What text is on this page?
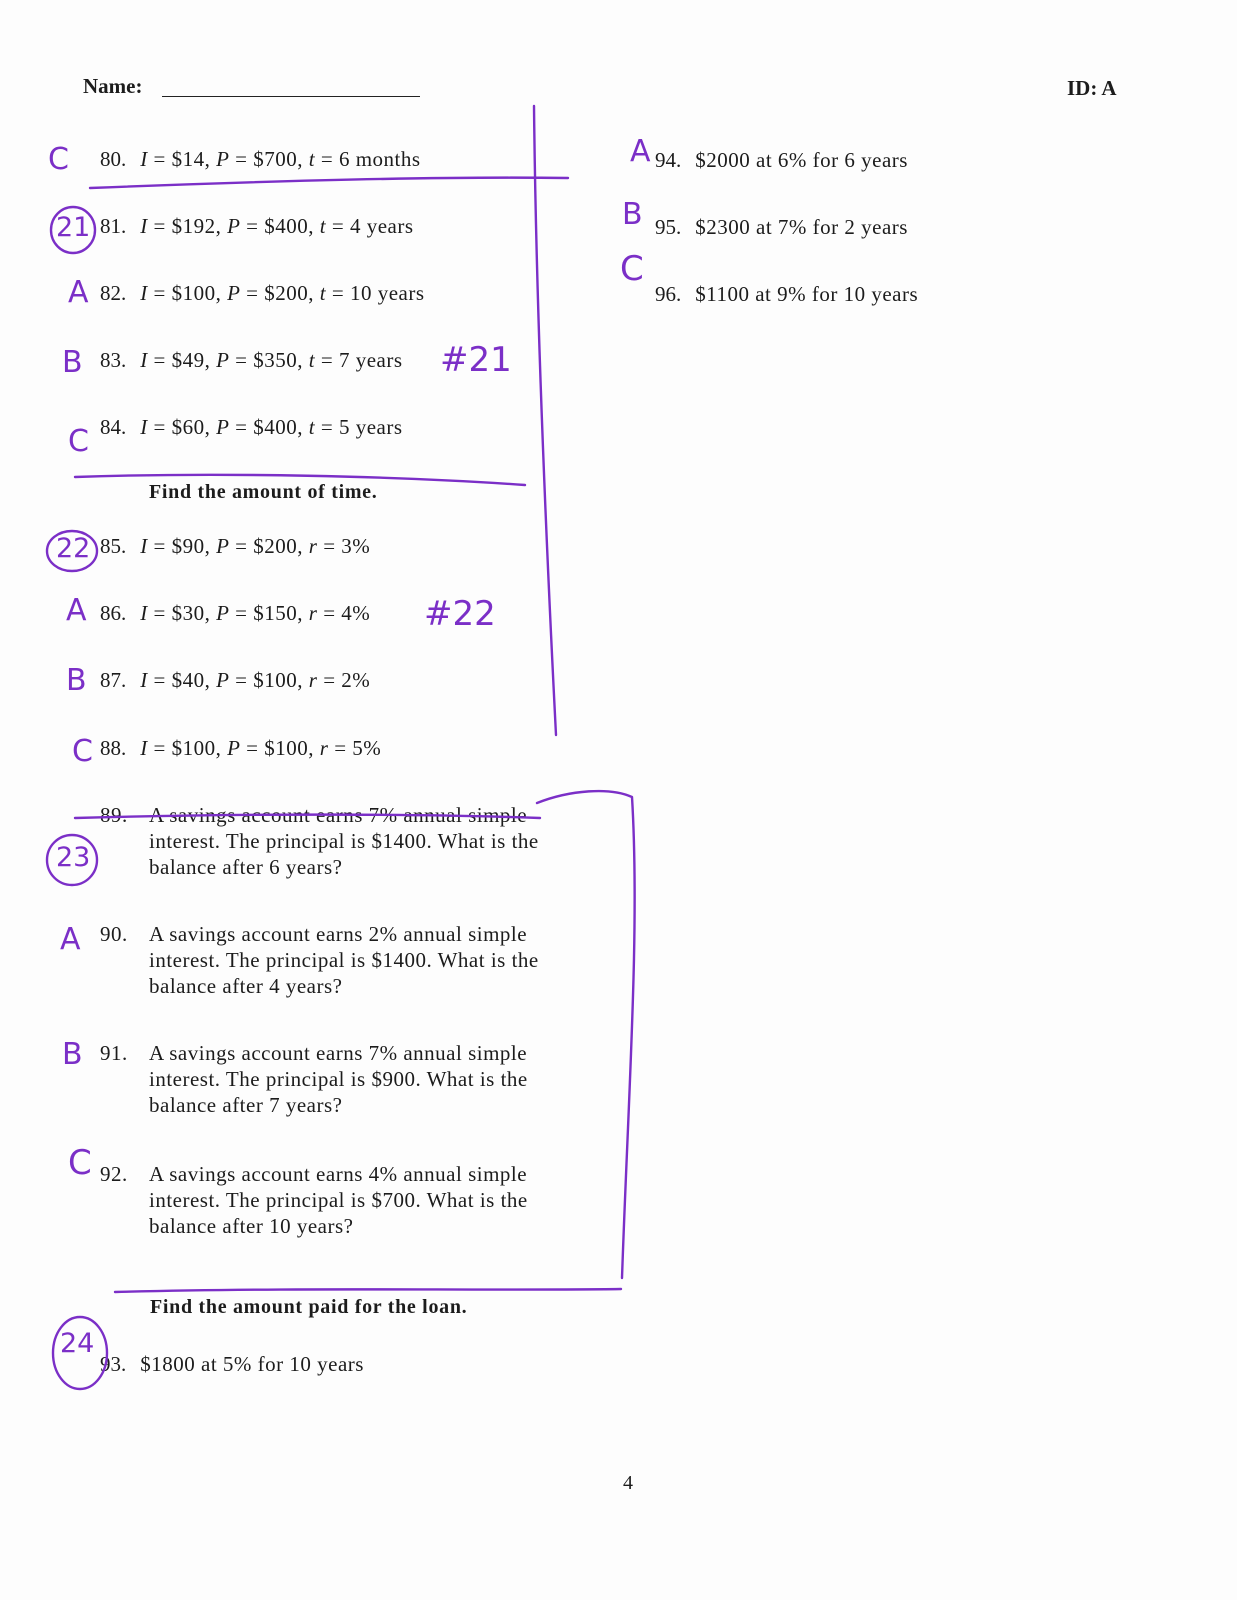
Name:	ID: A
80. I = $14, P = $700, t = 6 months
81. I = $192, P = $400, t = 4 years
82. I = $100, P = $200, t = 10 years
83. I = $49, P = $350, t = 7 years
84. I = $60, P = $400, t = 5 years
Find the amount of time.
85. I = $90, P = $200, r = 3%
86. I = $30, P = $150, r = 4%
87. I = $40, P = $100, r = 2%
88. I = $100, P = $100, r = 5%
89. A savings account earns 7% annual simple
interest. The principal is $1400. What is the
balance after 6 years?
90. A savings account earns 2% annual simple
interest. The principal is $1400. What is the
balance after 4 years?
91. A savings account earns 7% annual simple
interest. The principal is $900. What is the
balance after 7 years?
92. A savings account earns 4% annual simple
interest. The principal is $700. What is the
balance after 10 years?
Find the amount paid for the loan.
93. $1800 at 5% for 10 years
94. $2000 at 6% for 6 years
95. $2300 at 7% for 2 years
96. $1100 at 9% for 10 years
4
C
21
A
B
C
22
A
B
C
23
A
B
C
24
A
B
C
#21
#22
